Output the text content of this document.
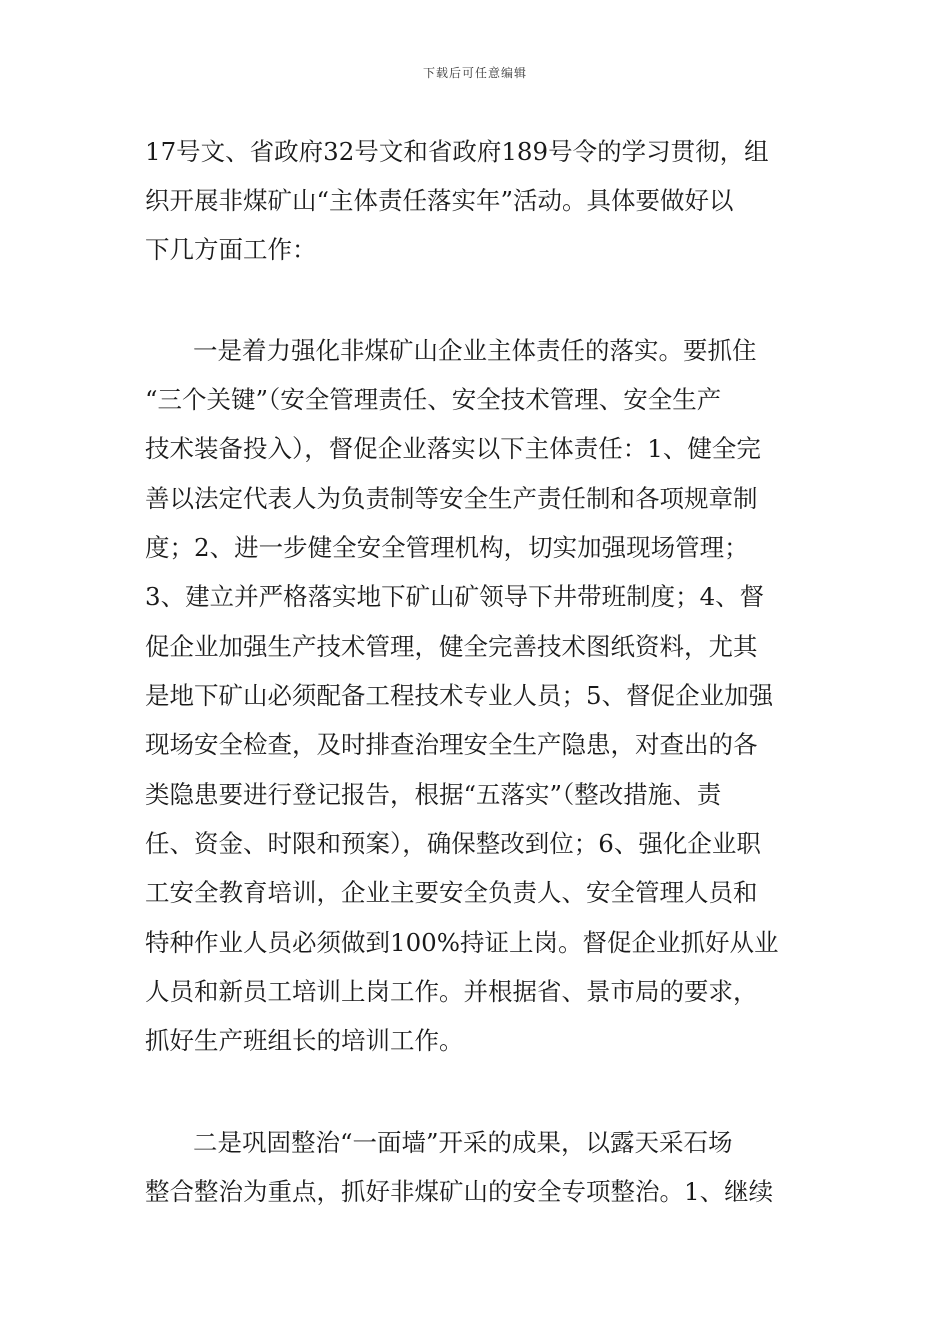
下载后可任意编辑
17号文、省政府32号文和省政府189号令的学习贯彻，组
织开展非煤矿山“主体责任落实年”活动。具体要做好以
下几方面工作：
一是着力强化非煤矿山企业主体责任的落实。要抓住
“三个关键”（安全管理责任、安全技术管理、安全生产
技术装备投入），督促企业落实以下主体责任：1、健全完
善以法定代表人为负责制等安全生产责任制和各项规章制
度；2、进一步健全安全管理机构，切实加强现场管理；
3、建立并严格落实地下矿山矿领导下井带班制度；4、督
促企业加强生产技术管理，健全完善技术图纸资料，尤其
是地下矿山必须配备工程技术专业人员；5、督促企业加强
现场安全检查，及时排查治理安全生产隐患，对查出的各
类隐患要进行登记报告，根据“五落实”（整改措施、责
任、资金、时限和预案），确保整改到位；6、强化企业职
工安全教育培训，企业主要安全负责人、安全管理人员和
特种作业人员必须做到100%持证上岗。督促企业抓好从业
人员和新员工培训上岗工作。并根据省、景市局的要求，
抓好生产班组长的培训工作。
二是巩固整治“一面墙”开采的成果，以露天采石场
整合整治为重点，抓好非煤矿山的安全专项整治。1、继续
